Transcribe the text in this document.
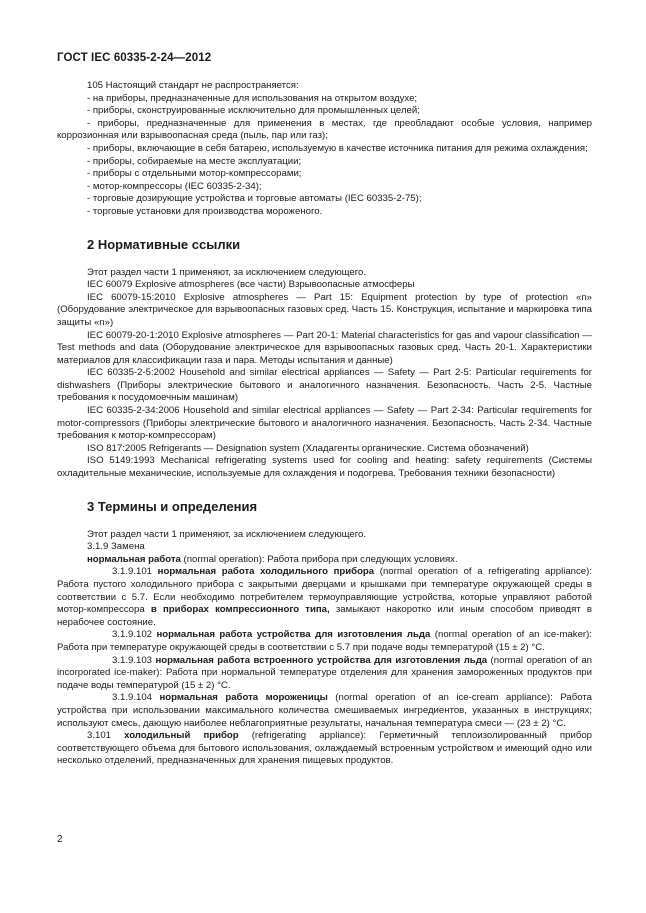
ГОСТ IEC 60335-2-24—2012

105 Настоящий стандарт не распространяется:

- на приборы, предназначенные для использования на открытом воздухе;

- приборы, сконструированные исключительно для промышленных целей;

- приборы, предназначенные для применения в местах, где преобладают особые условия, например коррозионная или взрывоопасная среда (пыль, пар или газ);

- приборы, включающие в себя батарею, используемую в качестве источника питания для режима охлаждения;

- приборы, собираемые на месте эксплуатации;

- приборы с отдельными мотор-компрессорами;

- мотор-компрессоры (IEC 60335-2-34);

- торговые дозирующие устройства и торговые автоматы (IEC 60335-2-75);

- торговые установки для производства мороженого.

2 Нормативные ссылки

Этот раздел части 1 применяют, за исключением следующего.

IEC 60079 Explosive atmospheres (все части) Взрывоопасные атмосферы

IEC 60079-15:2010 Explosive atmospheres — Part 15: Equipment protection by type of protection «n» (Оборудование электрическое для взрывоопасных газовых сред. Часть 15. Конструкция, испытание и маркировка типа защиты «n»)

IEC 60079-20-1:2010 Explosive atmospheres — Part 20-1: Material characteristics for gas and vapour classification — Test methods and data (Оборудование электрическое для взрывоопасных газовых сред. Часть 20-1. Характеристики материалов для классификации газа и пара. Методы испытания и данные)

IEC 60335-2-5:2002 Household and similar electrical appliances — Safety — Part 2-5: Particular requirements for dishwashers (Приборы электрические бытового и аналогичного назначения. Безопасность. Часть 2-5. Частные требования к посудомоечным машинам)

IEC 60335-2-34:2006 Household and similar electrical appliances — Safety — Part 2-34: Particular requirements for motor-compressors (Приборы электрические бытового и аналогичного назначения. Безопасность. Часть 2-34. Частные требования к мотор-компрессорам)

ISO 817:2005 Refrigerants — Designation system (Хладагенты органические. Система обозначений)

ISO 5149:1993 Mechanical refrigerating systems used for cooling and heating: safety requirements (Системы охладительные механические, используемые для охлаждения и подогрева. Требования техники безопасности)

3 Термины и определения

Этот раздел части 1 применяют, за исключением следующего.

3.1.9 Замена

нормальная работа (normal operation): Работа прибора при следующих условиях.

3.1.9.101 нормальная работа холодильного прибора (normal operation of a refrigerating appliance): Работа пустого холодильного прибора с закрытыми дверцами и крышками при температуре окружающей среды в соответствии с 5.7. Если необходимо потребителем термоуправляющие устройства, которые управляют работой мотор-компрессора в приборах компрессионного типа, замыкают накоротко или иным способом приводят в нерабочее состояние.

3.1.9.102 нормальная работа устройства для изготовления льда (normal operation of an ice-maker): Работа при температуре окружающей среды в соответствии с 5.7 при подаче воды температурой (15 ± 2) °С.

3.1.9.103 нормальная работа встроенного устройства для изготовления льда (normal operation of an incorporated ice-maker): Работа при нормальной температуре отделения для хранения замороженных продуктов при подаче воды температурой (15 ± 2) °С.

3.1.9.104 нормальная работа мороженицы (normal operation of an ice-cream appliance): Работа устройства при использовании максимального количества смешиваемых ингредиентов, указанных в инструкциях; используют смесь, дающую наиболее неблагоприятные результаты, начальная температура смеси — (23 ± 2) °С.

3.101 холодильный прибор (refrigerating appliance): Герметичный теплоизолированный прибор соответствующего объема для бытового использования, охлаждаемый встроенным устройством и имеющий одно или несколько отделений, предназначенных для хранения пищевых продуктов.

2
